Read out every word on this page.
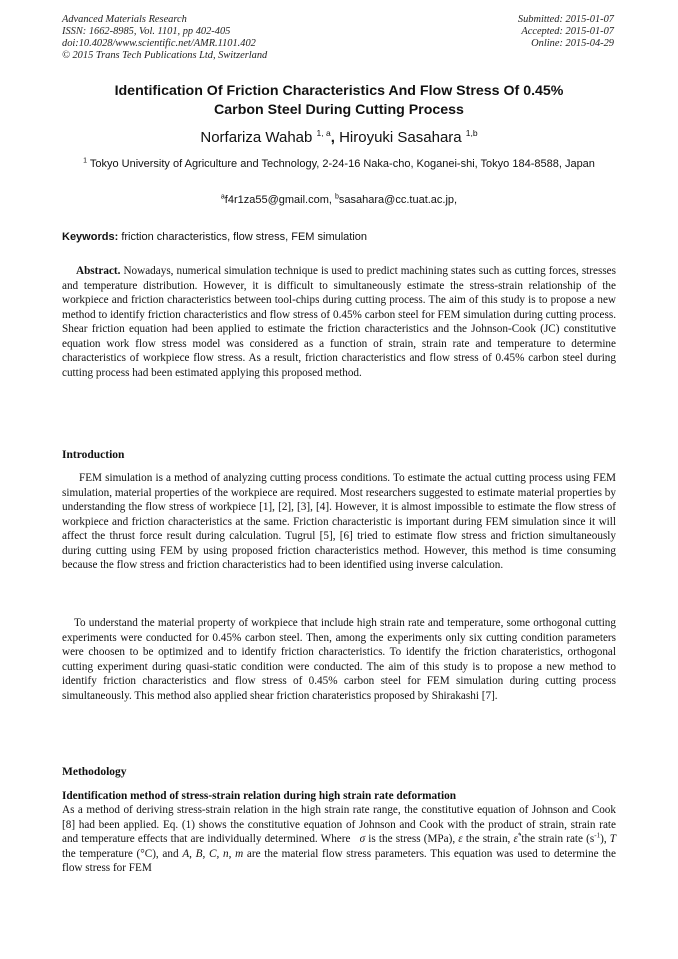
Advanced Materials Research
ISSN: 1662-8985, Vol. 1101, pp 402-405
doi:10.4028/www.scientific.net/AMR.1101.402
© 2015 Trans Tech Publications Ltd, Switzerland
Submitted: 2015-01-07
Accepted: 2015-01-07
Online: 2015-04-29
Identification Of Friction Characteristics And Flow Stress Of 0.45%
Carbon Steel During Cutting Process
Norfariza Wahab $^{1, a}$, Hiroyuki Sasahara $^{1,b}$
$^1$ Tokyo University of Agriculture and Technology, 2-24-16 Naka-cho, Koganei-shi, Tokyo 184-8588, Japan
$^a$f4r1za55@gmail.com, $^b$sasahara@cc.tuat.ac.jp,
Keywords: friction characteristics, flow stress, FEM simulation
Abstract. Nowadays, numerical simulation technique is used to predict machining states such as cutting forces, stresses and temperature distribution. However, it is difficult to simultaneously estimate the stress-strain relationship of the workpiece and friction characteristics between tool-chips during cutting process. The aim of this study is to propose a new method to identify friction characteristics and flow stress of 0.45% carbon steel for FEM simulation during cutting process. Shear friction equation had been applied to estimate the friction characteristics and the Johnson-Cook (JC) constitutive equation work flow stress model was considered as a function of strain, strain rate and temperature to determine characteristics of workpiece flow stress. As a result, friction characteristics and flow stress of 0.45% carbon steel during cutting process had been estimated applying this proposed method.
Introduction
FEM simulation is a method of analyzing cutting process conditions. To estimate the actual cutting process using FEM simulation, material properties of the workpiece are required. Most researchers suggested to estimate material properties by understanding the flow stress of workpiece [1], [2], [3], [4]. However, it is almost impossible to estimate the flow stress of workpiece and friction characteristics at the same. Friction characteristic is important during FEM simulation since it will affect the thrust force result during calculation. Tugrul [5], [6] tried to estimate flow stress and friction simultaneously during cutting using FEM by using proposed friction characteristics method. However, this method is time consuming because the flow stress and friction characteristics had to been identified using inverse calculation.
To understand the material property of workpiece that include high strain rate and temperature, some orthogonal cutting experiments were conducted for 0.45% carbon steel. Then, among the experiments only six cutting condition parameters were choosen to be optimized and to identify friction characteristics. To identify the friction charateristics, orthogonal cutting experiment during quasi-static condition were conducted. The aim of this study is to propose a new method to identify friction characteristics and flow stress of 0.45% carbon steel for FEM simulation during cutting process simultaneously. This method also applied shear friction charateristics proposed by Shirakashi [7].
Methodology
Identification method of stress-strain relation during high strain rate deformation
As a method of deriving stress-strain relation in the high strain rate range, the constitutive equation of Johnson and Cook [8] had been applied. Eq. (1) shows the constitutive equation of Johnson and Cook with the product of strain, strain rate and temperature effects that are individually determined. Where σ is the stress (MPa), ε the strain, ε̇*the strain rate $(s^{-1})$, T the temperature (°C), and A, B, C, n, m are the material flow stress parameters. This equation was used to determine the flow stress for FEM
